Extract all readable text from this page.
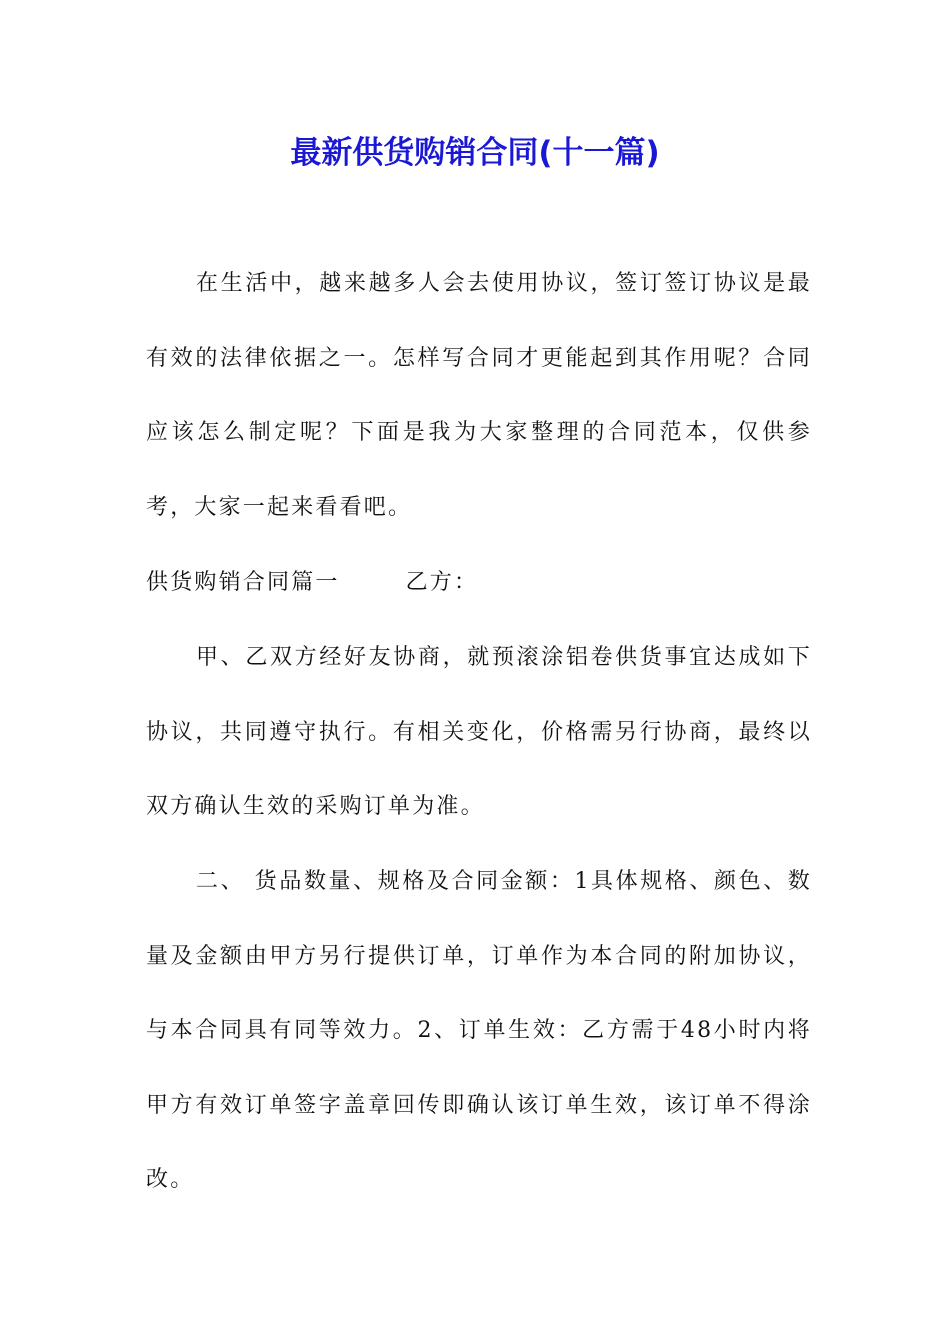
最新供货购销合同(十一篇)

在生活中，越来越多人会去使用协议，签订签订协议是最有效的法律依据之一。怎样写合同才更能起到其作用呢？合同应该怎么制定呢？下面是我为大家整理的合同范本，仅供参考，大家一起来看看吧。

供货购销合同篇一	乙方：

甲、乙双方经好友协商，就预滚涂铝卷供货事宜达成如下协议，共同遵守执行。有相关变化，价格需另行协商，最终以双方确认生效的采购订单为准。

二、 货品数量、规格及合同金额：1具体规格、颜色、数量及金额由甲方另行提供订单，订单作为本合同的附加协议，与本合同具有同等效力。2、订单生效：乙方需于48小时内将甲方有效订单签字盖章回传即确认该订单生效，该订单不得涂改。
